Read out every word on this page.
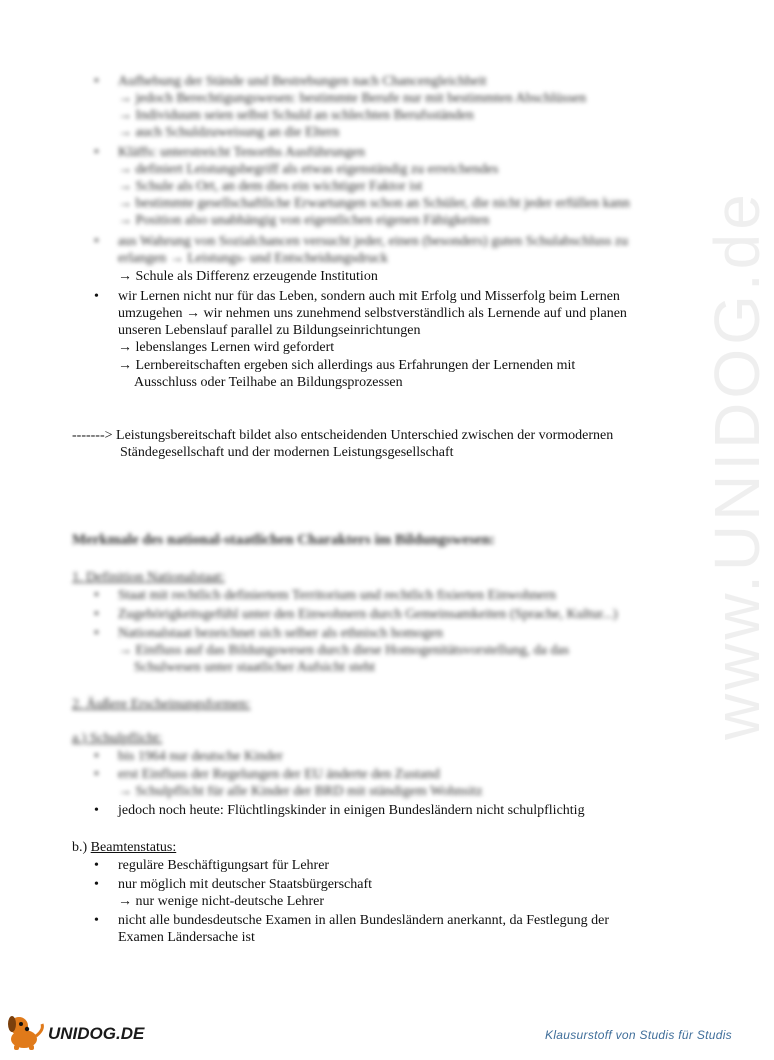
• Aufhebung der Stände und Bestrebungen nach Chancengleichheit
→ jedoch Berechtigungswesen: bestimmte Berufe nur mit bestimmten Abschlüssen
→ Individuum seien selbst Schuld an schlechten Berufsständen
→ auch Schuldzuweisung an die Eltern
• Kläffs: unterstreicht Tenorths Ausführungen
→ definiert Leistungsbegriff als etwas eigenständig zu erreichendes
→ Schule als Ort, an dem dies ein wichtiger Faktor ist
→ bestimmte gesellschaftliche Erwartungen schon an Schüler, die nicht jeder erfüllen kann
→ Position also unabhängig von eigentlichen eigenen Fähigkeiten
• aus Wahrung von Sozialchancen versucht jeder, einen (besonders) guten Schulabschluss zu
erlangen → Leistungs- und Entscheidungsdruck
→ Schule als Differenz erzeugende Institution
• wir Lernen nicht nur für das Leben, sondern auch mit Erfolg und Misserfolg beim Lernen
umzugehen → wir nehmen uns zunehmend selbstverständlich als Lernende auf und planen
unseren Lebenslauf parallel zu Bildungseinrichtungen
→ lebenslanges Lernen wird gefordert
→ Lernbereitschaften ergeben sich allerdings aus Erfahrungen der Lernenden mit
Ausschluss oder Teilhabe an Bildungsprozessen
-------> Leistungsbereitschaft bildet also entscheidenden Unterschied zwischen der vormodernen
Ständegesellschaft und der modernen Leistungsgesellschaft
Merkmale des national-staatlichen Charakters im Bildungswesen:
1. Definition Nationalstaat:
• Staat mit rechtlich definiertem Territorium und rechtlich fixierten Einwohnern
• Zugehörigkeitsgefühl unter den Einwohnern durch Gemeinsamkeiten (Sprache, Kultur...)
• Nationalstaat bezeichnet sich selber als ethnisch homogen
→ Einfluss auf das Bildungswesen durch diese Homogenitätsvorstellung, da das
Schulwesen unter staatlicher Aufsicht steht
2. Äußere Erscheinungsformen:
a.) Schulpflicht:
• bis 1964 nur deutsche Kinder
• erst Einfluss der Regelungen der EU änderte den Zustand
→ Schulpflicht für alle Kinder der BRD mit ständigem Wohnsitz
• jedoch noch heute: Flüchtlingskinder in einigen Bundesländern nicht schulpflichtig
b.) Beamtenstatus:
• reguläre Beschäftigungsart für Lehrer
• nur möglich mit deutscher Staatsbürgerschaft
→ nur wenige nicht-deutsche Lehrer
• nicht alle bundesdeutsche Examen in allen Bundesländern anerkannt, da Festlegung der
Examen Ländersache ist
www.UNIDOG.de
UNIDOG.DE	Klausurstoff von Studis für Studis
